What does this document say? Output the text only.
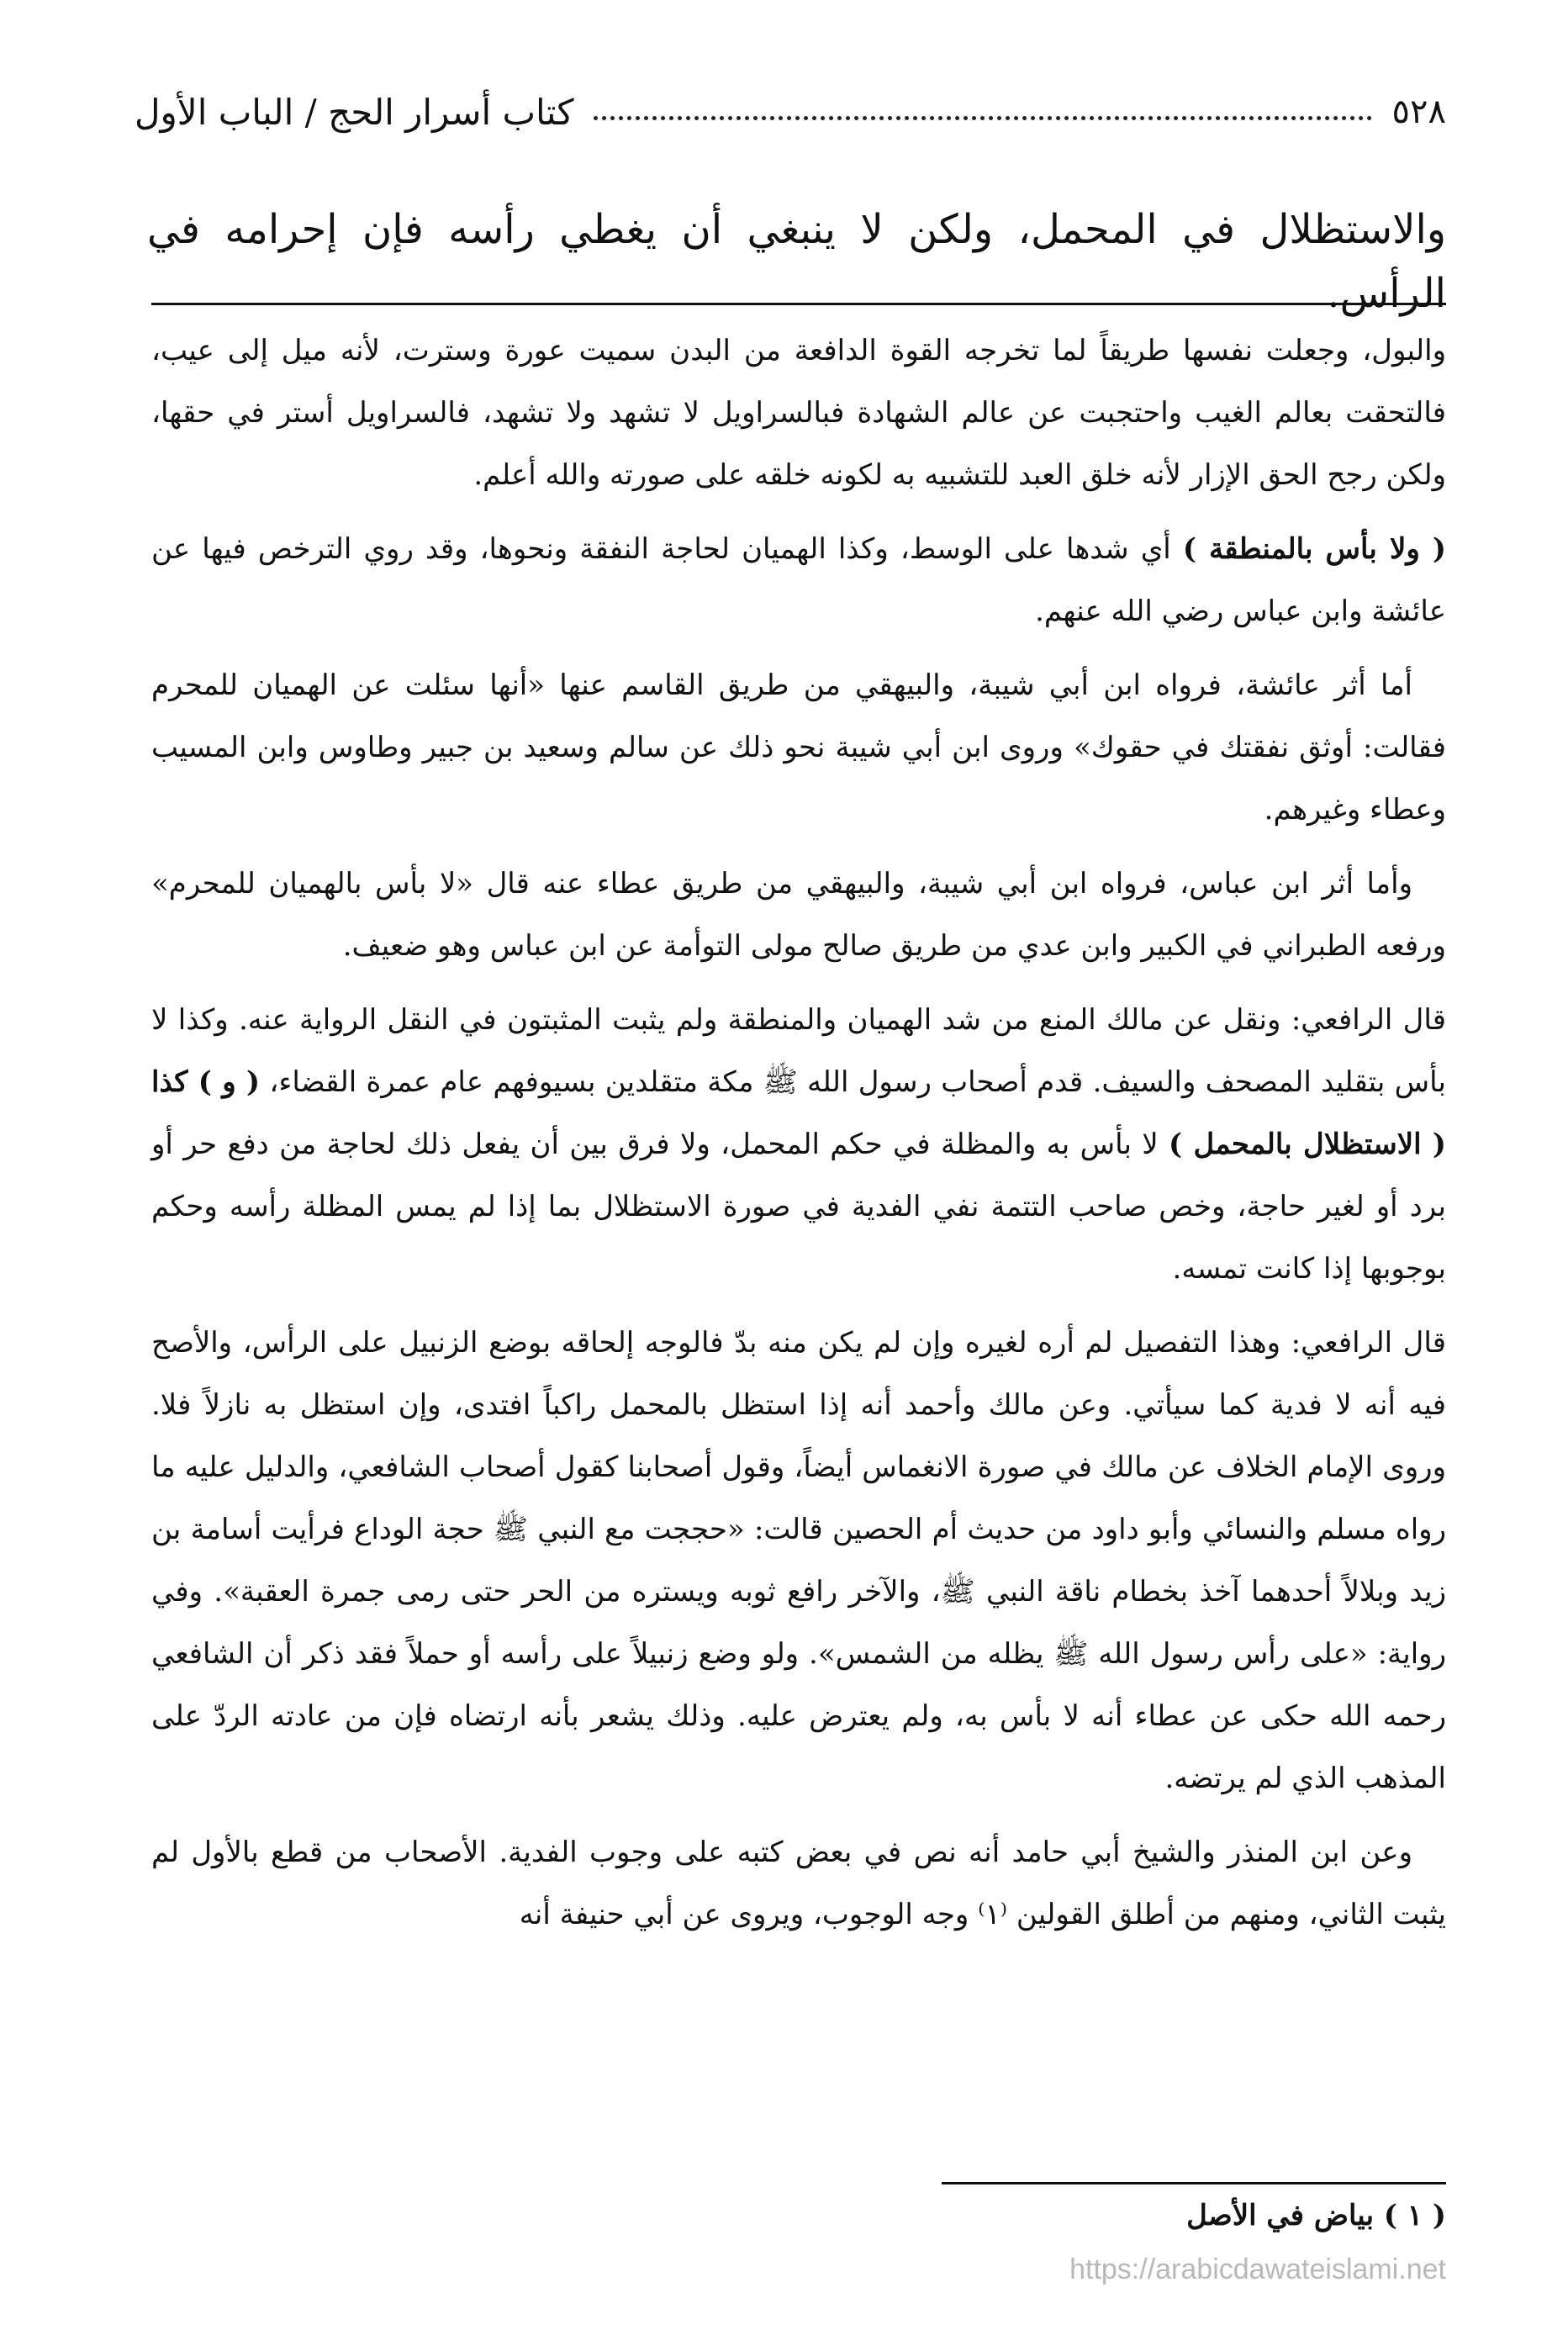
٥٢٨
كتاب أسرار الحج / الباب الأول
والاستظلال في المحمل، ولكن لا ينبغي أن يغطي رأسه فإن إحرامه في الرأس.

والبول، وجعلت نفسها طريقاً لما تخرجه القوة الدافعة من البدن سميت عورة وسترت، لأنه ميل إلى عيب، فالتحقت بعالم الغيب واحتجبت عن عالم الشهادة فبالسراويل لا تشهد ولا تشهد، فالسراويل أستر في حقها، ولكن رجح الحق الإزار لأنه خلق العبد للتشبيه به لكونه خلقه على صورته والله أعلم.

( ولا بأس بالمنطقة ) أي شدها على الوسط، وكذا الهميان لحاجة النفقة ونحوها، وقد روي الترخص فيها عن عائشة وابن عباس رضي الله عنهم.

أما أثر عائشة، فرواه ابن أبي شيبة، والبيهقي من طريق القاسم عنها «أنها سئلت عن الهميان للمحرم فقالت: أوثق نفقتك في حقوك» وروى ابن أبي شيبة نحو ذلك عن سالم وسعيد بن جبير وطاوس وابن المسيب وعطاء وغيرهم.

وأما أثر ابن عباس، فرواه ابن أبي شيبة، والبيهقي من طريق عطاء عنه قال «لا بأس بالهميان للمحرم» ورفعه الطبراني في الكبير وابن عدي من طريق صالح مولى التوأمة عن ابن عباس وهو ضعيف.

قال الرافعي: ونقل عن مالك المنع من شد الهميان والمنطقة ولم يثبت المثبتون في النقل الرواية عنه. وكذا لا بأس بتقليد المصحف والسيف. قدم أصحاب رسول الله ﷺ مكة متقلدين بسيوفهم عام عمرة القضاء، ( و ) كذا ( الاستظلال بالمحمل ) لا بأس به والمظلة في حكم المحمل، ولا فرق بين أن يفعل ذلك لحاجة من دفع حر أو برد أو لغير حاجة، وخص صاحب التتمة نفي الفدية في صورة الاستظلال بما إذا لم يمس المظلة رأسه وحكم بوجوبها إذا كانت تمسه.

قال الرافعي: وهذا التفصيل لم أره لغيره وإن لم يكن منه بدّ فالوجه إلحاقه بوضع الزنبيل على الرأس، والأصح فيه أنه لا فدية كما سيأتي. وعن مالك وأحمد أنه إذا استظل بالمحمل راكباً افتدى، وإن استظل به نازلاً فلا. وروى الإمام الخلاف عن مالك في صورة الانغماس أيضاً، وقول أصحابنا كقول أصحاب الشافعي، والدليل عليه ما رواه مسلم والنسائي وأبو داود من حديث أم الحصين قالت: «حججت مع النبي ﷺ حجة الوداع فرأيت أسامة بن زيد وبلالاً أحدهما آخذ بخطام ناقة النبي ﷺ، والآخر رافع ثوبه ويستره من الحر حتى رمى جمرة العقبة». وفي رواية: «على رأس رسول الله ﷺ يظله من الشمس». ولو وضع زنبيلاً على رأسه أو حملاً فقد ذكر أن الشافعي رحمه الله حكى عن عطاء أنه لا بأس به، ولم يعترض عليه. وذلك يشعر بأنه ارتضاه فإن من عادته الردّ على المذهب الذي لم يرتضه.

وعن ابن المنذر والشيخ أبي حامد أنه نص في بعض كتبه على وجوب الفدية. الأصحاب من قطع بالأول لم يثبت الثاني، ومنهم من أطلق القولين ⁽١⁾ وجه الوجوب، ويروى عن أبي حنيفة أنه

( ١ ) بياض في الأصل
https://arabicdawateislami.net
